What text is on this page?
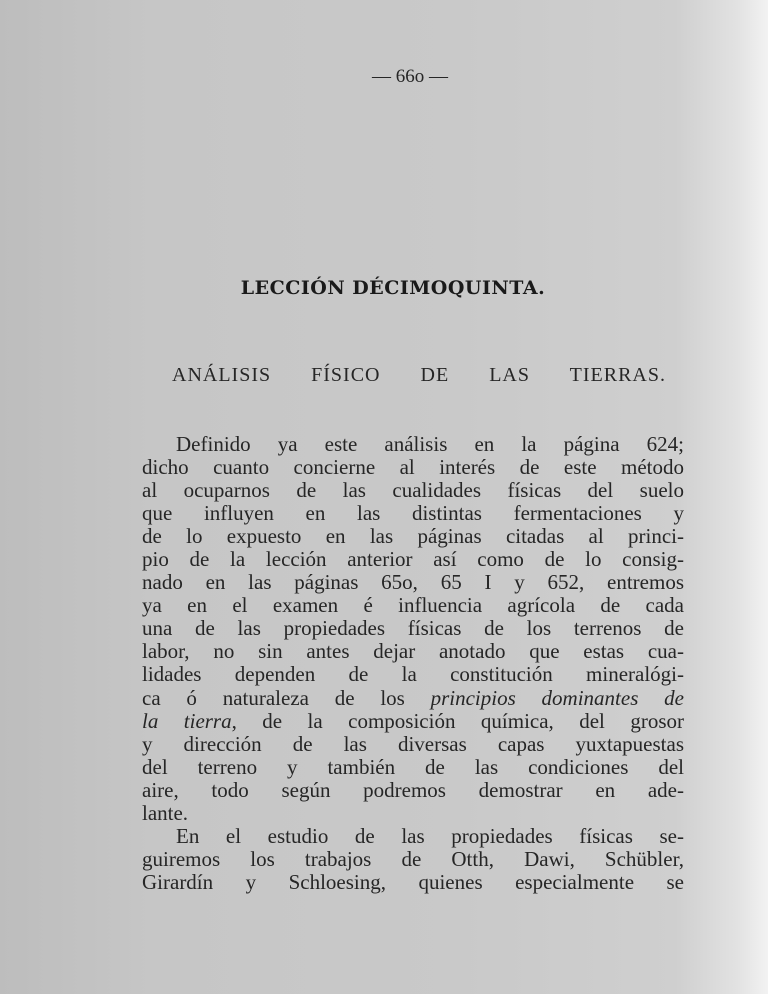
— 66o —
LECCIÓN DÉCIMOQUINTA.
ANÁLISIS FÍSICO DE LAS TIERRAS.
Definido ya este análisis en la página 624;
dicho cuanto concierne al interés de este método
al ocuparnos de las cualidades físicas del suelo
que influyen en las distintas fermentaciones y
de lo expuesto en las páginas citadas al princi-
pio de la lección anterior así como de lo consig-
nado en las páginas 65o, 65 I y 652, entremos
ya en el examen é influencia agrícola de cada
una de las propiedades físicas de los terrenos de
labor, no sin antes dejar anotado que estas cua-
lidades dependen de la constitución mineralógi-
ca ó naturaleza de los principios dominantes de
la tierra, de la composición química, del grosor
y dirección de las diversas capas yuxtapuestas
del terreno y también de las condiciones del
aire, todo según podremos demostrar en ade-
lante.
En el estudio de las propiedades físicas se-
guiremos los trabajos de Otth, Dawi, Schübler,
Girardín y Schloesing, quienes especialmente se
